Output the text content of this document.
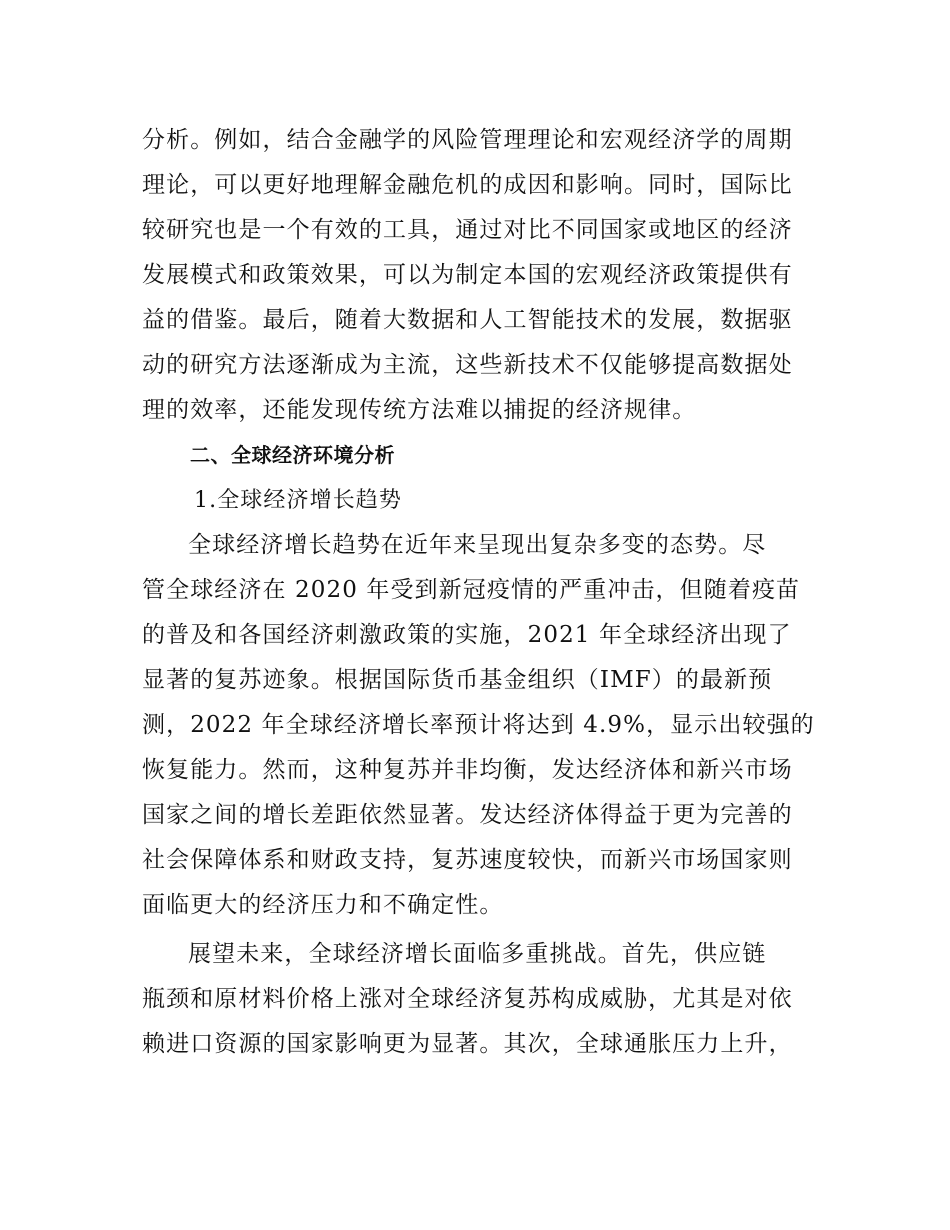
分析。例如，结合金融学的风险管理理论和宏观经济学的周期
理论，可以更好地理解金融危机的成因和影响。同时，国际比
较研究也是一个有效的工具，通过对比不同国家或地区的经济
发展模式和政策效果，可以为制定本国的宏观经济政策提供有
益的借鉴。最后，随着大数据和人工智能技术的发展，数据驱
动的研究方法逐渐成为主流，这些新技术不仅能够提高数据处
理的效率，还能发现传统方法难以捕捉的经济规律。
二、全球经济环境分析
1.全球经济增长趋势
全球经济增长趋势在近年来呈现出复杂多变的态势。尽
管全球经济在 2020 年受到新冠疫情的严重冲击，但随着疫苗
的普及和各国经济刺激政策的实施，2021 年全球经济出现了
显著的复苏迹象。根据国际货币基金组织（IMF）的最新预
测，2022 年全球经济增长率预计将达到 4.9%，显示出较强的
恢复能力。然而，这种复苏并非均衡，发达经济体和新兴市场
国家之间的增长差距依然显著。发达经济体得益于更为完善的
社会保障体系和财政支持，复苏速度较快，而新兴市场国家则
面临更大的经济压力和不确定性。
展望未来，全球经济增长面临多重挑战。首先，供应链
瓶颈和原材料价格上涨对全球经济复苏构成威胁，尤其是对依
赖进口资源的国家影响更为显著。其次，全球通胀压力上升，
